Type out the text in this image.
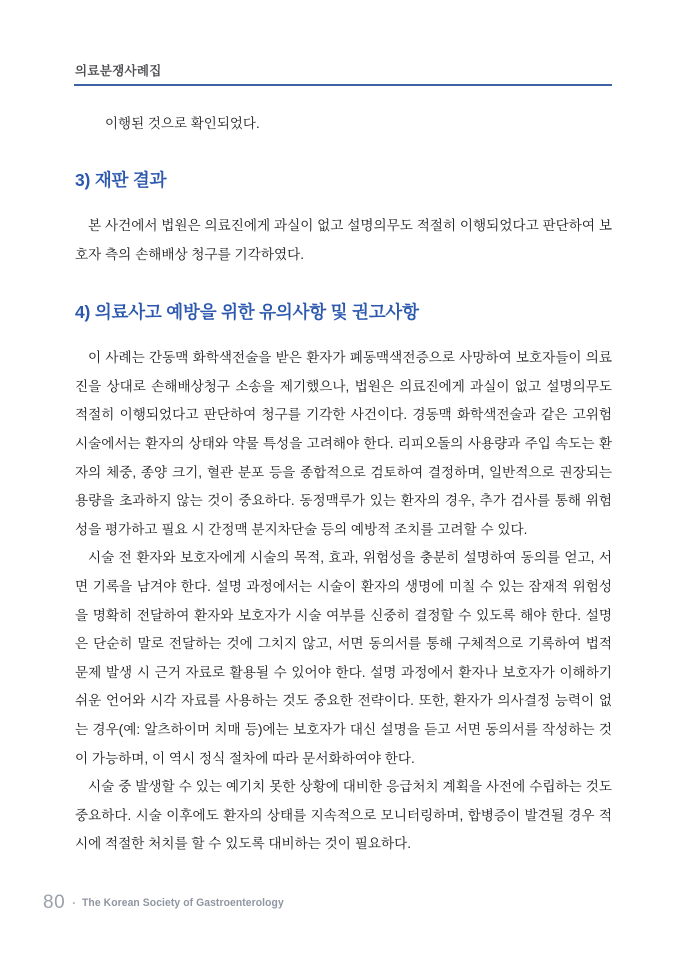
의료분쟁사례집

이행된 것으로 확인되었다.

3) 재판 결과

본 사건에서 법원은 의료진에게 과실이 없고 설명의무도 적절히 이행되었다고 판단하여 보호자 측의 손해배상 청구를 기각하였다.

4) 의료사고 예방을 위한 유의사항 및 권고사항

이 사례는 간동맥 화학색전술을 받은 환자가 폐동맥색전증으로 사망하여 보호자들이 의료진을 상대로 손해배상청구 소송을 제기했으나, 법원은 의료진에게 과실이 없고 설명의무도 적절히 이행되었다고 판단하여 청구를 기각한 사건이다. 경동맥 화학색전술과 같은 고위험 시술에서는 환자의 상태와 약물 특성을 고려해야 한다. 리피오돌의 사용량과 주입 속도는 환자의 체중, 종양 크기, 혈관 분포 등을 종합적으로 검토하여 결정하며, 일반적으로 권장되는 용량을 초과하지 않는 것이 중요하다. 동정맥루가 있는 환자의 경우, 추가 검사를 통해 위험성을 평가하고 필요 시 간정맥 분지차단술 등의 예방적 조치를 고려할 수 있다.

시술 전 환자와 보호자에게 시술의 목적, 효과, 위험성을 충분히 설명하여 동의를 얻고, 서면 기록을 남겨야 한다. 설명 과정에서는 시술이 환자의 생명에 미칠 수 있는 잠재적 위험성을 명확히 전달하여 환자와 보호자가 시술 여부를 신중히 결정할 수 있도록 해야 한다. 설명은 단순히 말로 전달하는 것에 그치지 않고, 서면 동의서를 통해 구체적으로 기록하여 법적 문제 발생 시 근거 자료로 활용될 수 있어야 한다. 설명 과정에서 환자나 보호자가 이해하기 쉬운 언어와 시각 자료를 사용하는 것도 중요한 전략이다. 또한, 환자가 의사결정 능력이 없는 경우(예: 알츠하이머 치매 등)에는 보호자가 대신 설명을 듣고 서면 동의서를 작성하는 것이 가능하며, 이 역시 정식 절차에 따라 문서화하여야 한다.

시술 중 발생할 수 있는 예기치 못한 상황에 대비한 응급처치 계획을 사전에 수립하는 것도 중요하다. 시술 이후에도 환자의 상태를 지속적으로 모니터링하며, 합병증이 발견될 경우 적시에 적절한 처치를 할 수 있도록 대비하는 것이 필요하다.

80 · The Korean Society of Gastroenterology
